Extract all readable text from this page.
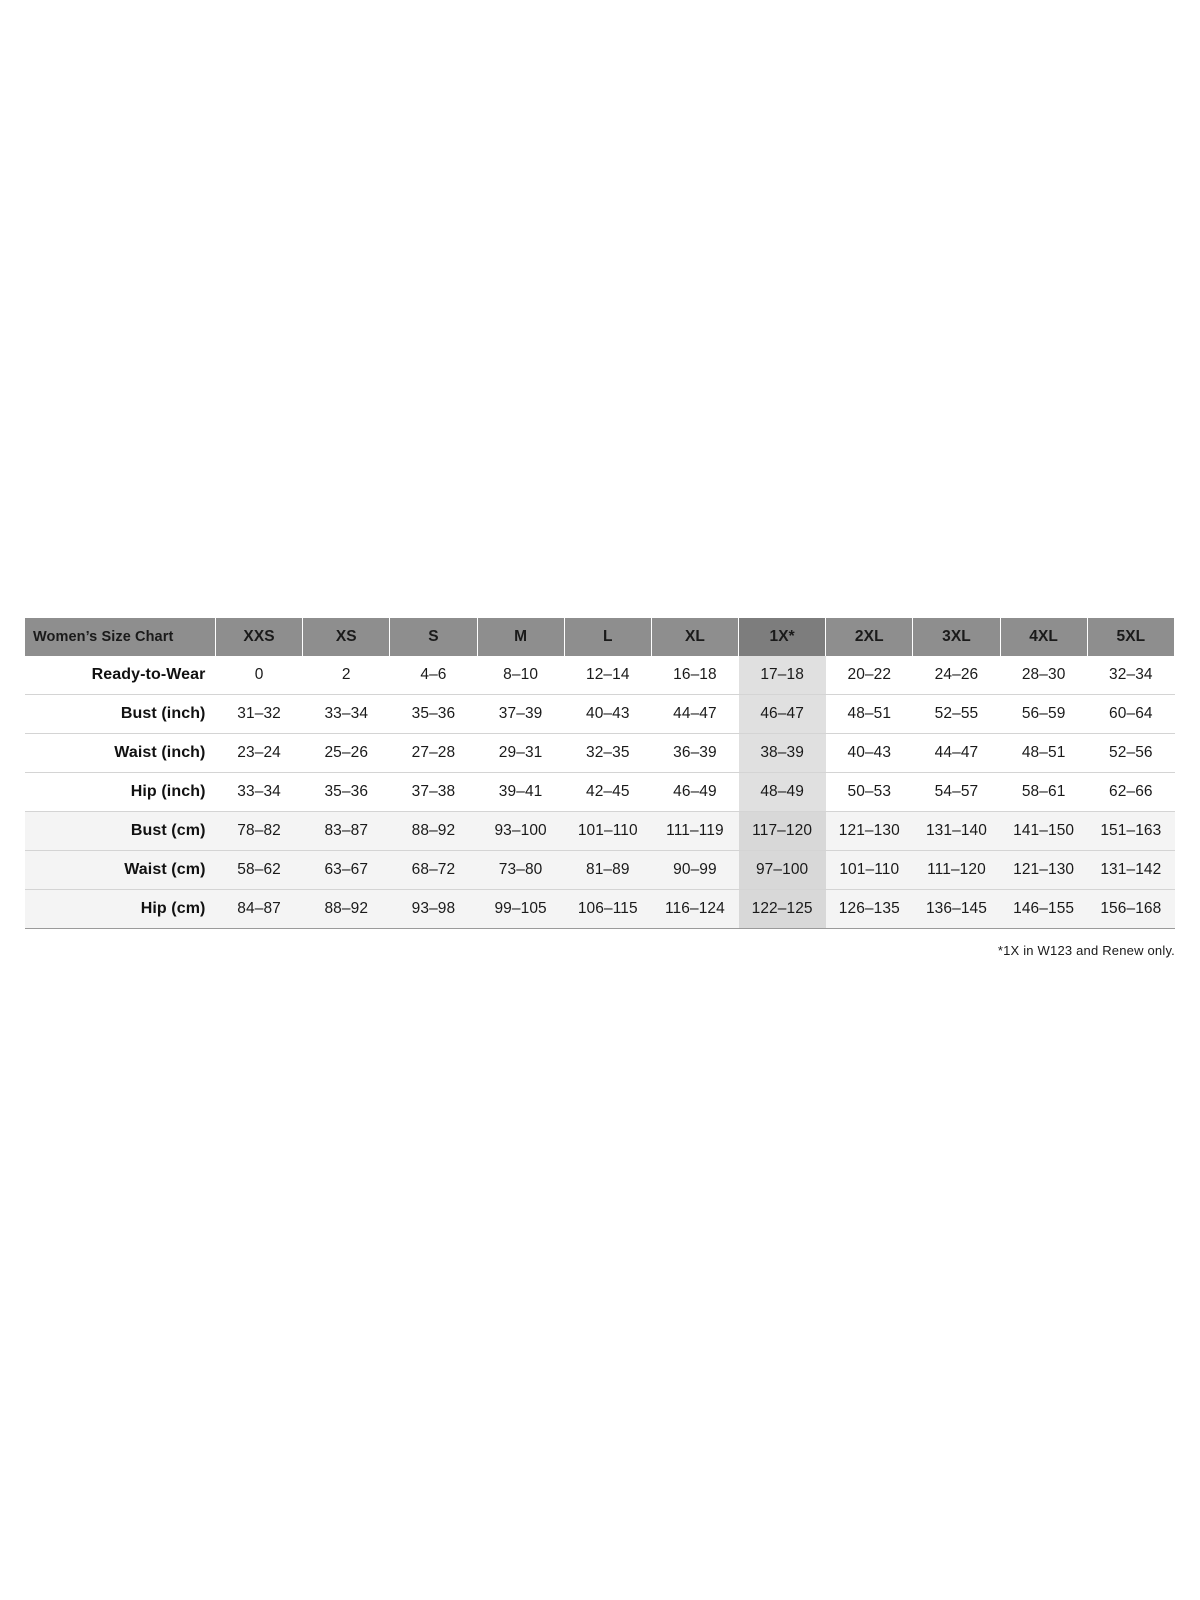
Women’s Size Chart	XXS	XS	S	M	L	XL	1X*	2XL	3XL	4XL	5XL
Ready-to-Wear	0	2	4–6	8–10	12–14	16–18	17–18	20–22	24–26	28–30	32–34
Bust (inch)	31–32	33–34	35–36	37–39	40–43	44–47	46–47	48–51	52–55	56–59	60–64
Waist (inch)	23–24	25–26	27–28	29–31	32–35	36–39	38–39	40–43	44–47	48–51	52–56
Hip (inch)	33–34	35–36	37–38	39–41	42–45	46–49	48–49	50–53	54–57	58–61	62–66
Bust (cm)	78–82	83–87	88–92	93–100	101–110	111–119	117–120	121–130	131–140	141–150	151–163
Waist (cm)	58–62	63–67	68–72	73–80	81–89	90–99	97–100	101–110	111–120	121–130	131–142
Hip (cm)	84–87	88–92	93–98	99–105	106–115	116–124	122–125	126–135	136–145	146–155	156–168
*1X in W123 and Renew only.
